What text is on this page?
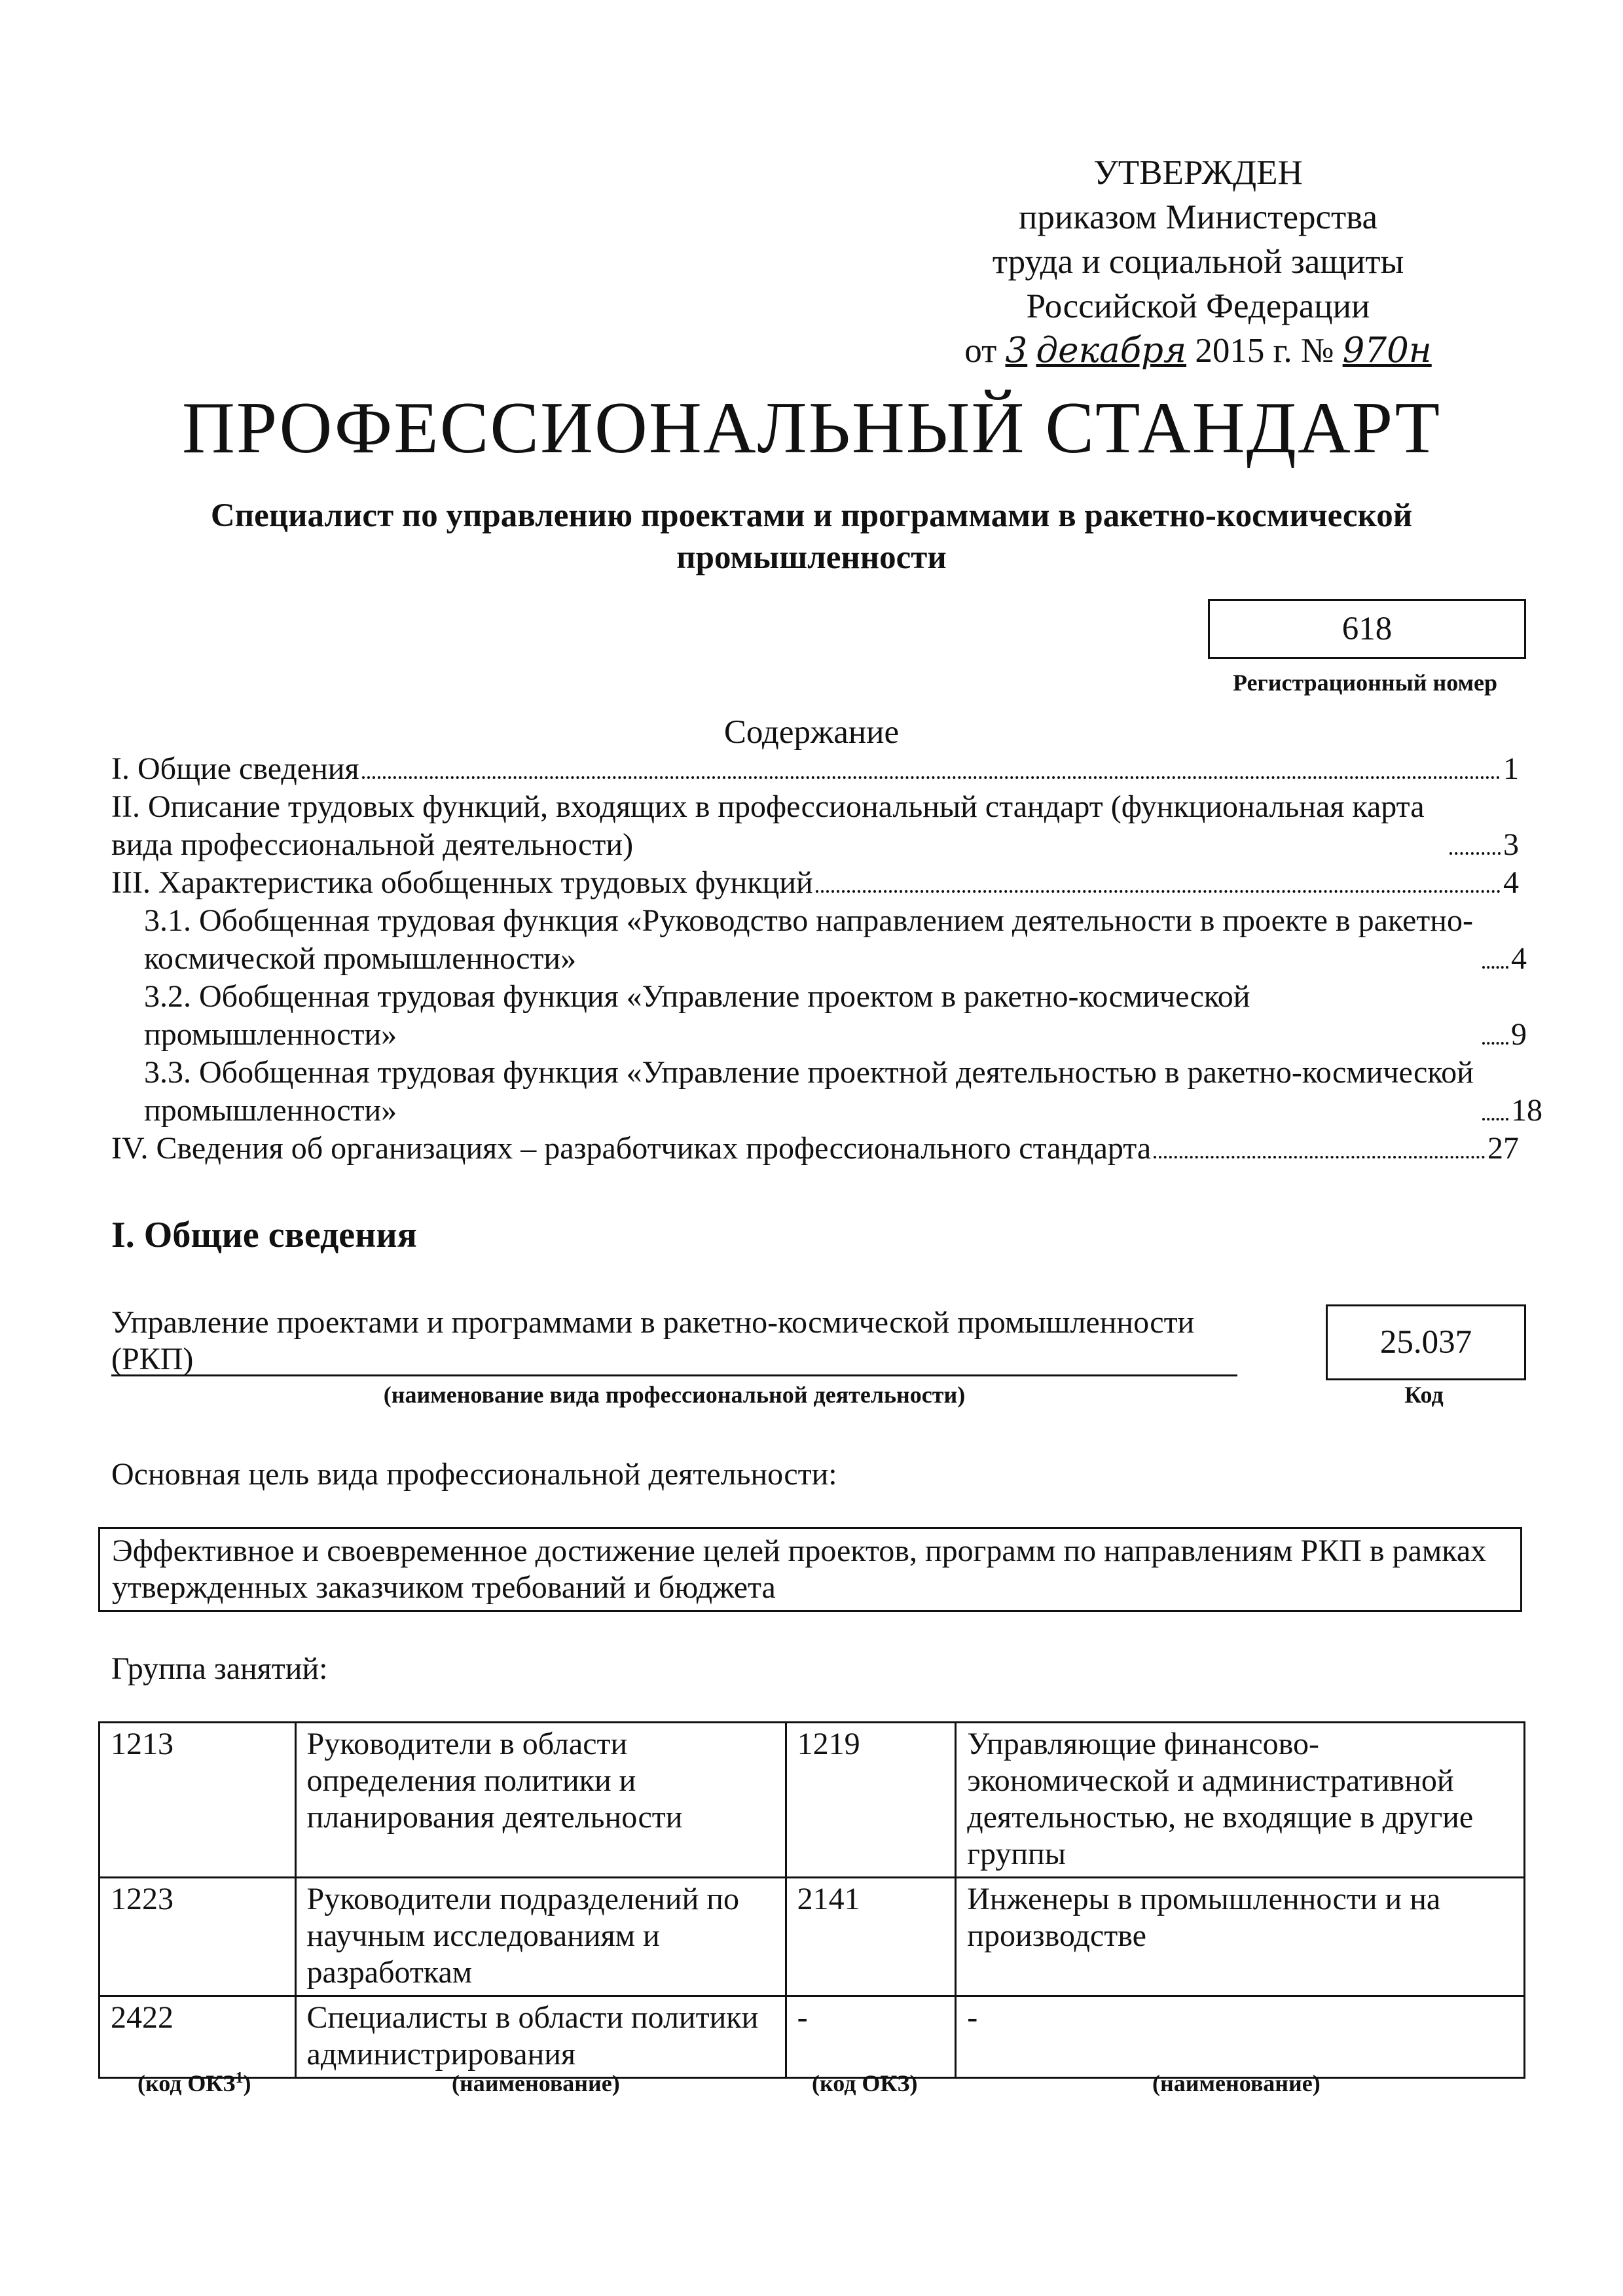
УТВЕРЖДЕН
приказом Министерства
труда и социальной защиты
Российской Федерации
от 3 декабря 2015 г. № 970н
ПРОФЕССИОНАЛЬНЫЙ СТАНДАРТ
Специалист по управлению проектами и программами в ракетно-космической промышленности
618
Регистрационный номер
Содержание
I. Общие сведения	1
II. Описание трудовых функций, входящих в профессиональный стандарт (функциональная карта вида профессиональной деятельности)	3
III. Характеристика обобщенных трудовых функций	4
3.1. Обобщенная трудовая функция «Руководство направлением деятельности в проекте в ракетно-космической промышленности»	4
3.2. Обобщенная трудовая функция «Управление проектом в ракетно-космической промышленности»	9
3.3. Обобщенная трудовая функция «Управление проектной деятельностью в ракетно-космической промышленности»	18
IV. Сведения об организациях – разработчиках профессионального стандарта	27
I. Общие сведения
Управление проектами и программами в ракетно-космической промышленности (РКП)
(наименование вида профессиональной деятельности)
25.037
Код
Основная цель вида профессиональной деятельности:
Эффективное и своевременное достижение целей проектов, программ по направлениям РКП в рамках утвержденных заказчиком требований и бюджета
Группа занятий:
1213	Руководители в области определения политики и планирования деятельности	1219	Управляющие финансово-экономической и административной деятельностью, не входящие в другие группы
1223	Руководители подразделений по научным исследованиям и разработкам	2141	Инженеры в промышленности и на производстве
2422	Специалисты в области политики администрирования	-	-
(код ОКЗ$^1$)	(наименование)	(код ОКЗ)	(наименование)
